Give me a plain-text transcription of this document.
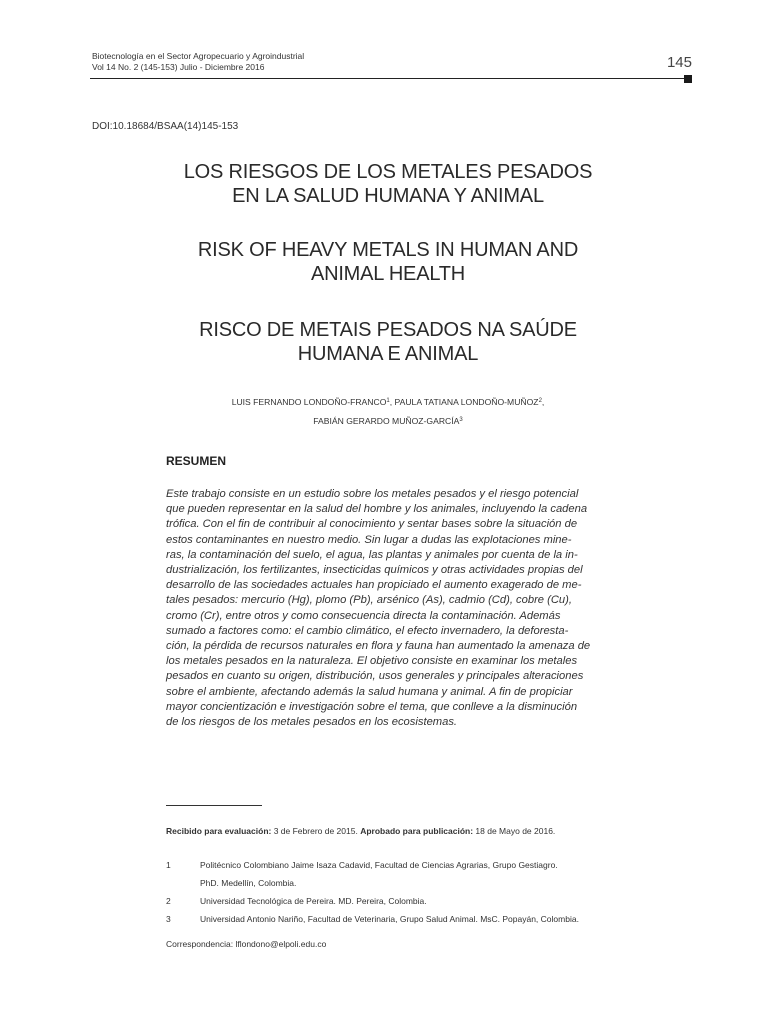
Biotecnología en el Sector Agropecuario y Agroindustrial
Vol 14 No. 2 (145-153) Julio - Diciembre 2016	145
DOI:10.18684/BSAA(14)145-153
LOS RIESGOS DE LOS METALES PESADOS
EN LA SALUD HUMANA Y ANIMAL
RISK OF HEAVY METALS IN HUMAN AND
ANIMAL HEALTH
RISCO DE METAIS PESADOS NA SAÚDE
HUMANA E ANIMAL
LUIS FERNANDO LONDOÑO-FRANCO$^1$, PAULA TATIANA LONDOÑO-MUÑOZ$^2$,
FABIÁN GERARDO MUÑOZ-GARCÍA$^3$
RESUMEN
Este trabajo consiste en un estudio sobre los metales pesados y el riesgo potencial
que pueden representar en la salud del hombre y los animales, incluyendo la cadena
trófica. Con el fin de contribuir al conocimiento y sentar bases sobre la situación de
estos contaminantes en nuestro medio. Sin lugar a dudas las explotaciones mine-
ras, la contaminación del suelo, el agua, las plantas y animales por cuenta de la in-
dustrialización, los fertilizantes, insecticidas químicos y otras actividades propias del
desarrollo de las sociedades actuales han propiciado el aumento exagerado de me-
tales pesados: mercurio (Hg), plomo (Pb), arsénico (As), cadmio (Cd), cobre (Cu),
cromo (Cr), entre otros y como consecuencia directa la contaminación. Además
sumado a factores como: el cambio climático, el efecto invernadero, la deforesta-
ción, la pérdida de recursos naturales en flora y fauna han aumentado la amenaza de
los metales pesados en la naturaleza. El objetivo consiste en examinar los metales
pesados en cuanto su origen, distribución, usos generales y principales alteraciones
sobre el ambiente, afectando además la salud humana y animal. A fin de propiciar
mayor concientización e investigación sobre el tema, que conlleve a la disminución
de los riesgos de los metales pesados en los ecosistemas.
Recibido para evaluación: 3 de Febrero de 2015. Aprobado para publicación: 18 de Mayo de 2016.
1	Politécnico Colombiano Jaime Isaza Cadavid, Facultad de Ciencias Agrarias, Grupo Gestiagro.
PhD. Medellín, Colombia.
2	Universidad Tecnológica de Pereira. MD. Pereira, Colombia.
3	Universidad Antonio Nariño, Facultad de Veterinaria, Grupo Salud Animal. MsC. Popayán, Colombia.
Correspondencia: lflondono@elpoli.edu.co
